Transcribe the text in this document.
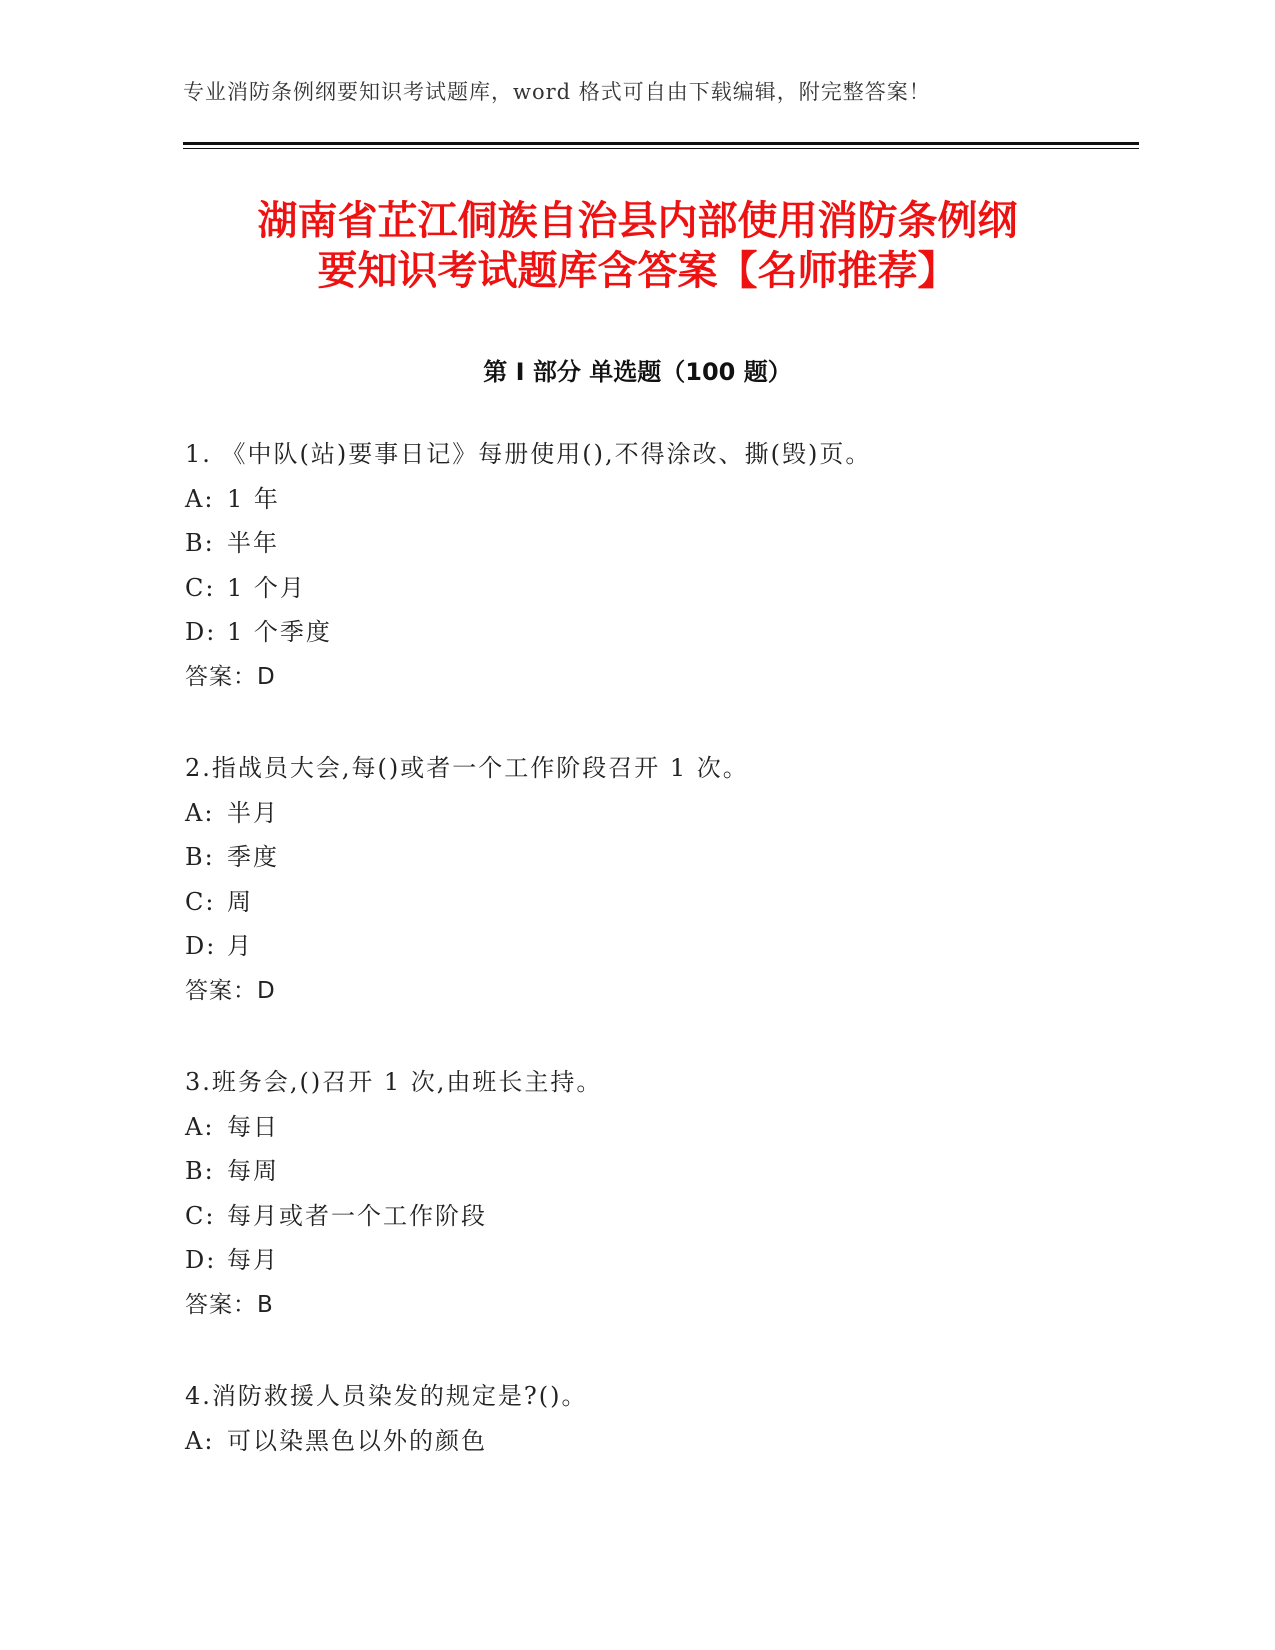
专业消防条例纲要知识考试题库，word 格式可自由下载编辑，附完整答案！
湖南省芷江侗族自治县内部使用消防条例纲
要知识考试题库含答案【名师推荐】
第 I 部分 单选题（100 题）
1. 《中队(站)要事日记》每册使用(),不得涂改、撕(毁)页。
A: 1 年
B: 半年
C: 1 个月
D: 1 个季度
答案：D
2.指战员大会,每()或者一个工作阶段召开 1 次。
A: 半月
B: 季度
C: 周
D: 月
答案：D
3.班务会,()召开 1 次,由班长主持。
A: 每日
B: 每周
C: 每月或者一个工作阶段
D: 每月
答案：B
4.消防救援人员染发的规定是?()。
A: 可以染黑色以外的颜色
